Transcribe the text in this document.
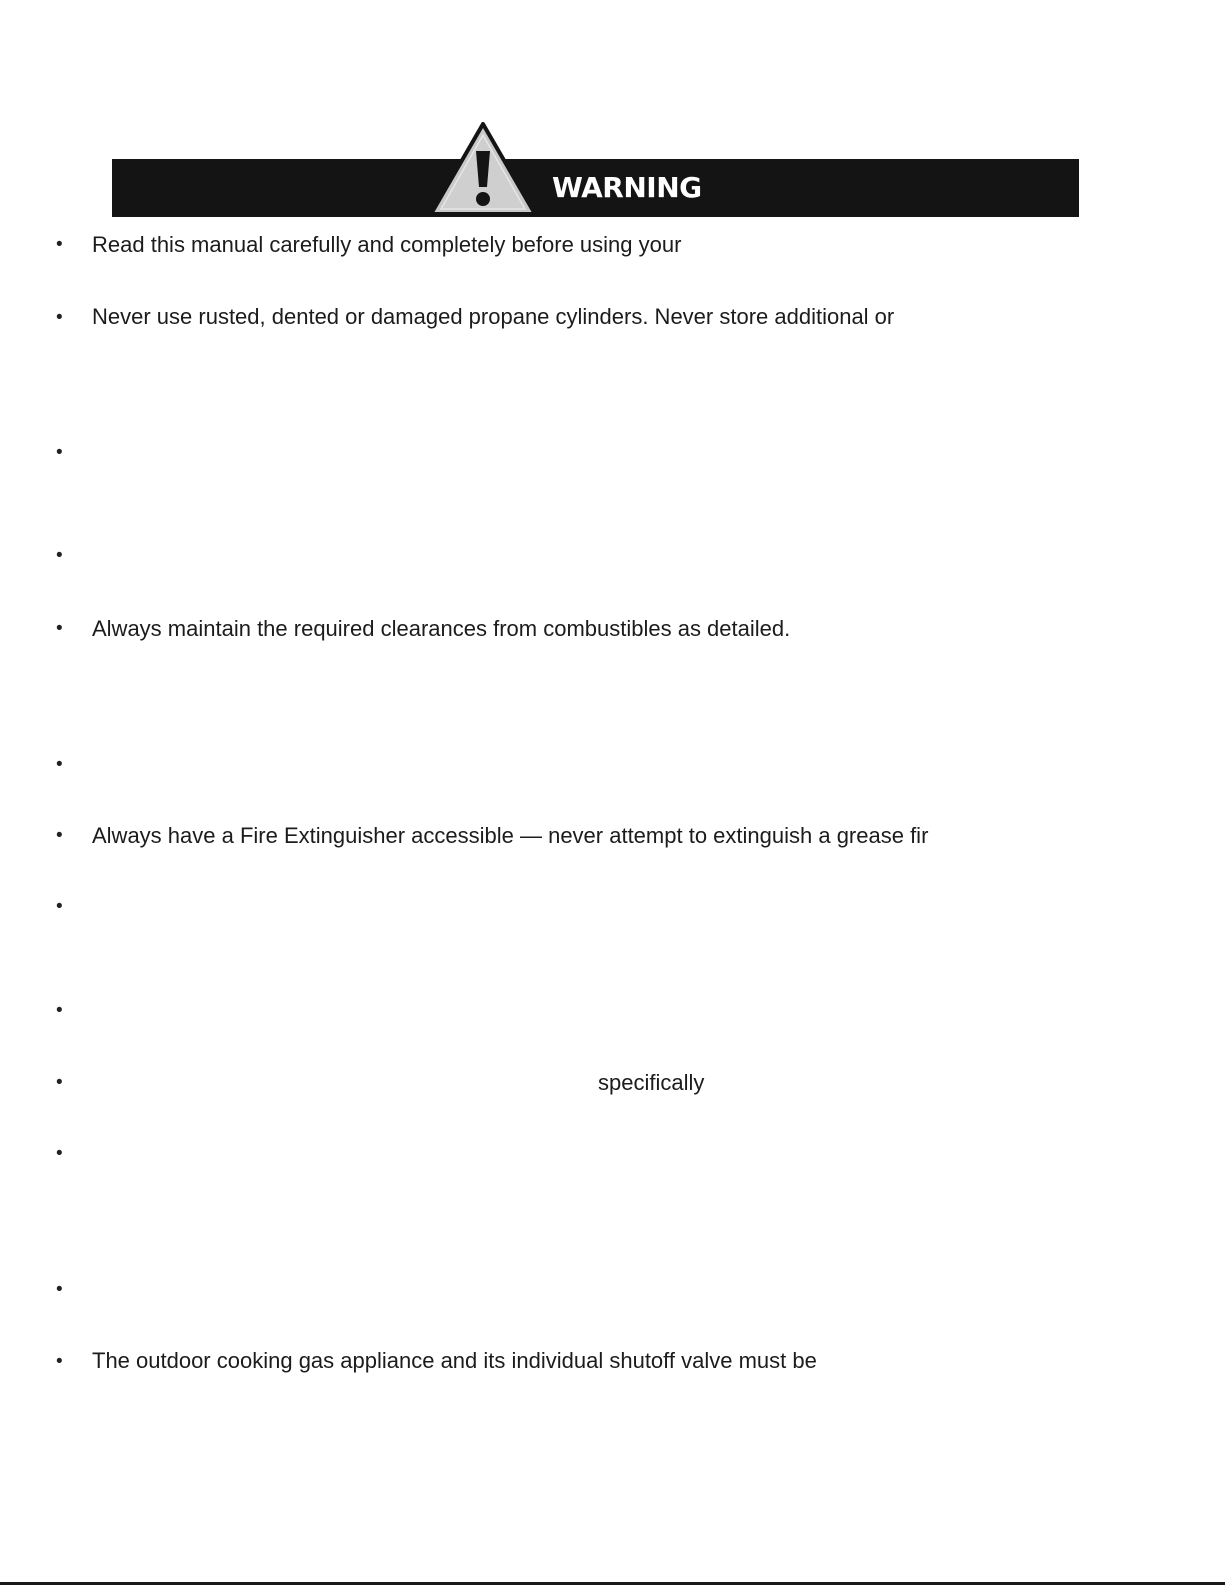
WARNING
• Read this manual carefully and completely before using your
• Never use rusted, dented or damaged propane cylinders. Never store additional or
•
•
• Always maintain the required clearances from combustibles as detailed.
•
• Always have a Fire Extinguisher accessible — never attempt to extinguish a grease fir
•
•
•	specifically
•
•
• The outdoor cooking gas appliance and its individual shutoff valve must be
